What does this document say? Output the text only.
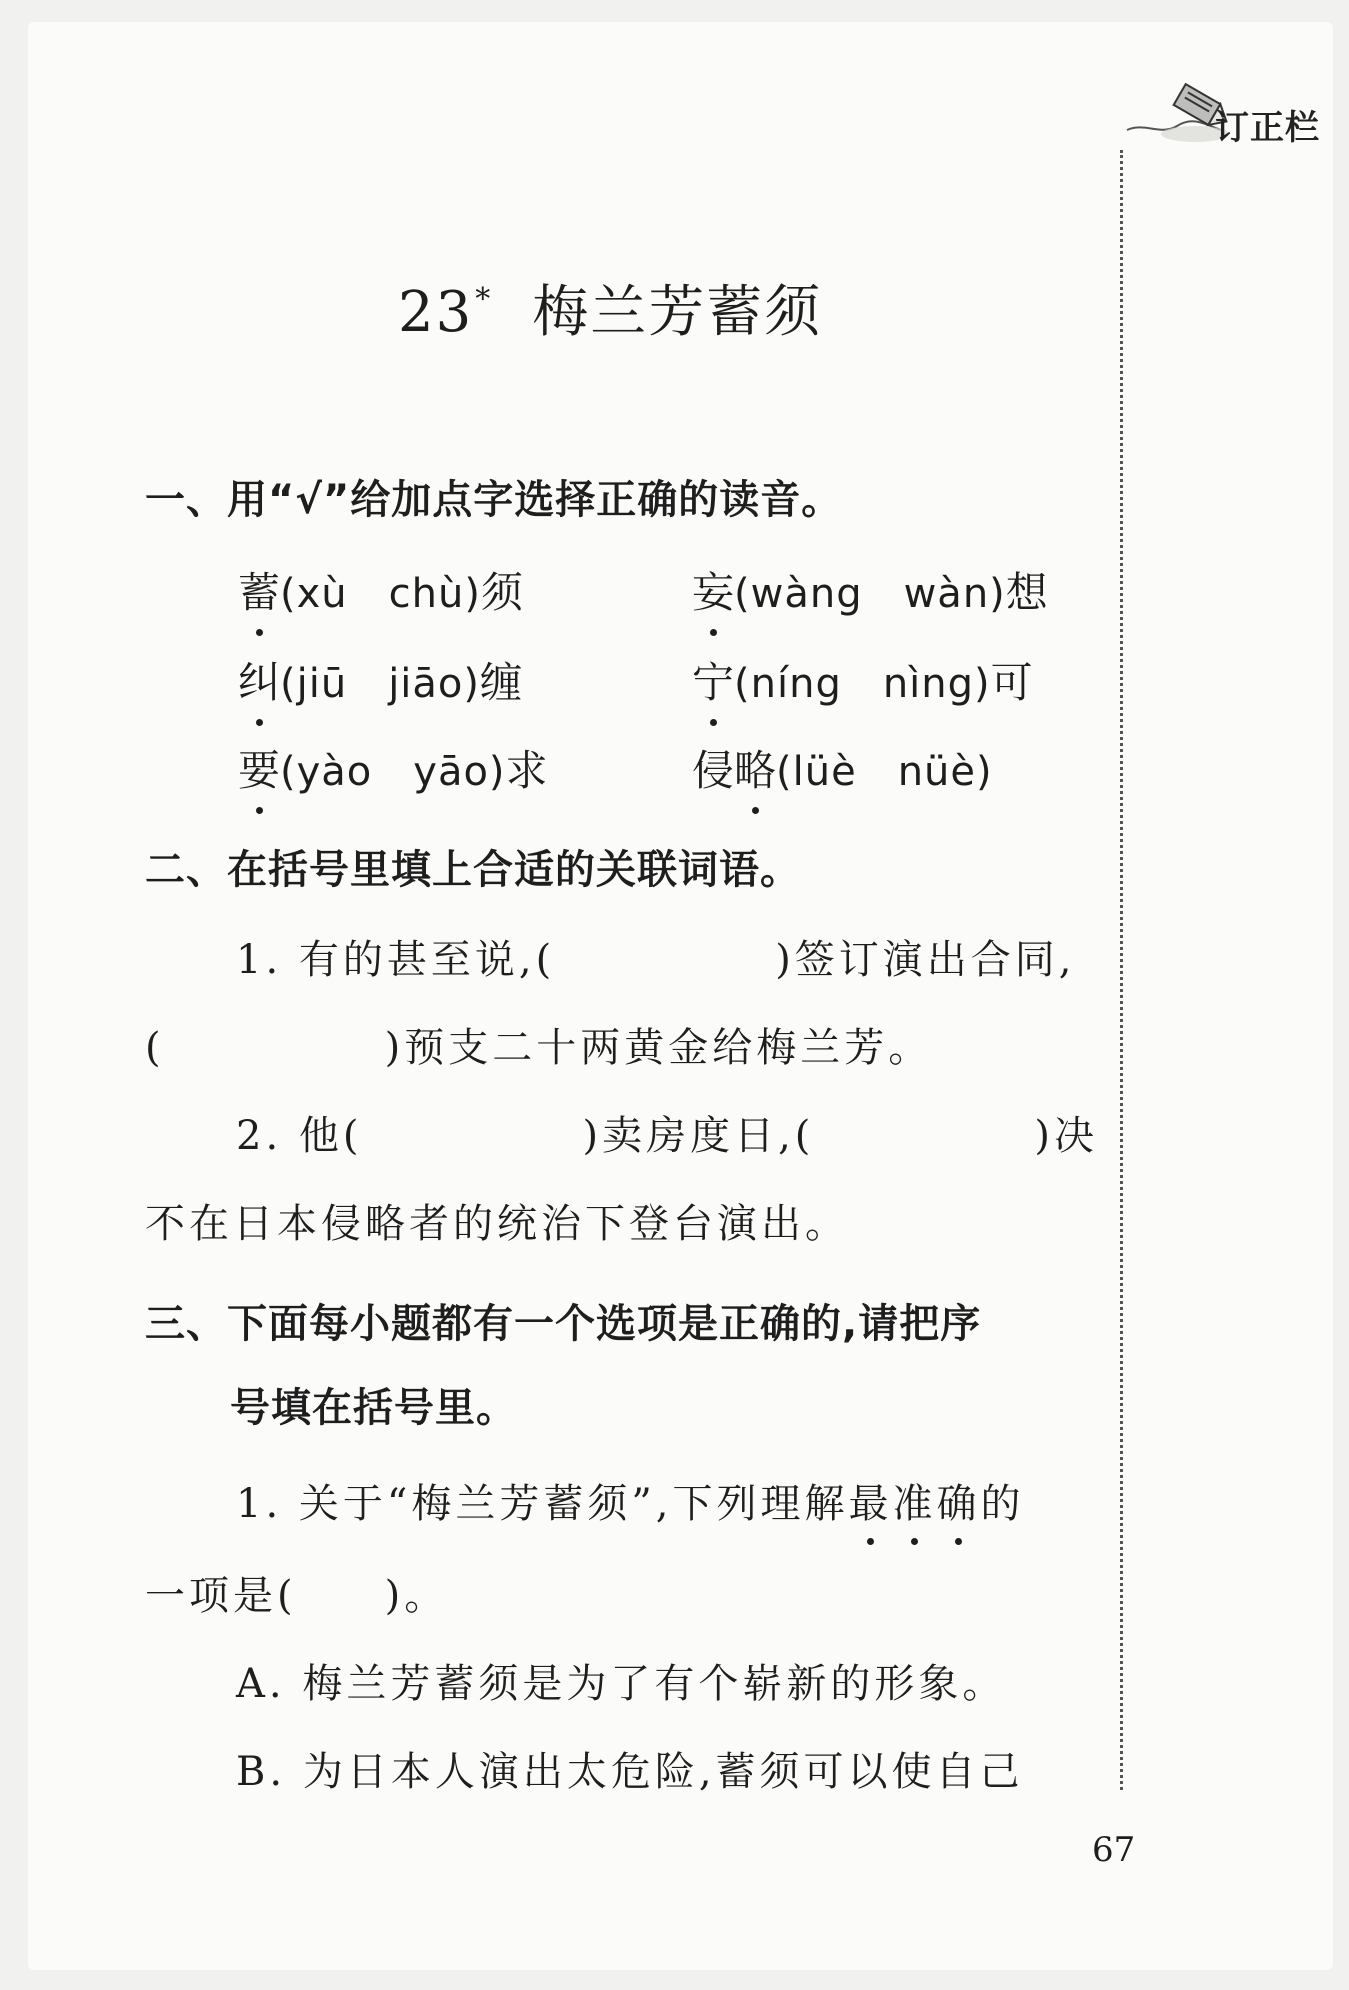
订正栏
23* 梅兰芳蓄须
一、用“√”给加点字选择正确的读音。
蓄(xù　chù)须	妄(wàng　wàn)想
纠(jiū　jiāo)缠	宁(níng　nìng)可
要(yào　yāo)求	侵略(lüè　nüè)
二、在括号里填上合适的关联词语。
1. 有的甚至说,(　　　　　)签订演出合同,
(　　　　　)预支二十两黄金给梅兰芳。
2. 他(　　　　　)卖房度日,(　　　　　)决
不在日本侵略者的统治下登台演出。
三、下面每小题都有一个选项是正确的,请把序
号填在括号里。
1. 关于“梅兰芳蓄须”,下列理解最准确的
一项是(　　)。
A. 梅兰芳蓄须是为了有个崭新的形象。
B. 为日本人演出太危险,蓄须可以使自己
67
